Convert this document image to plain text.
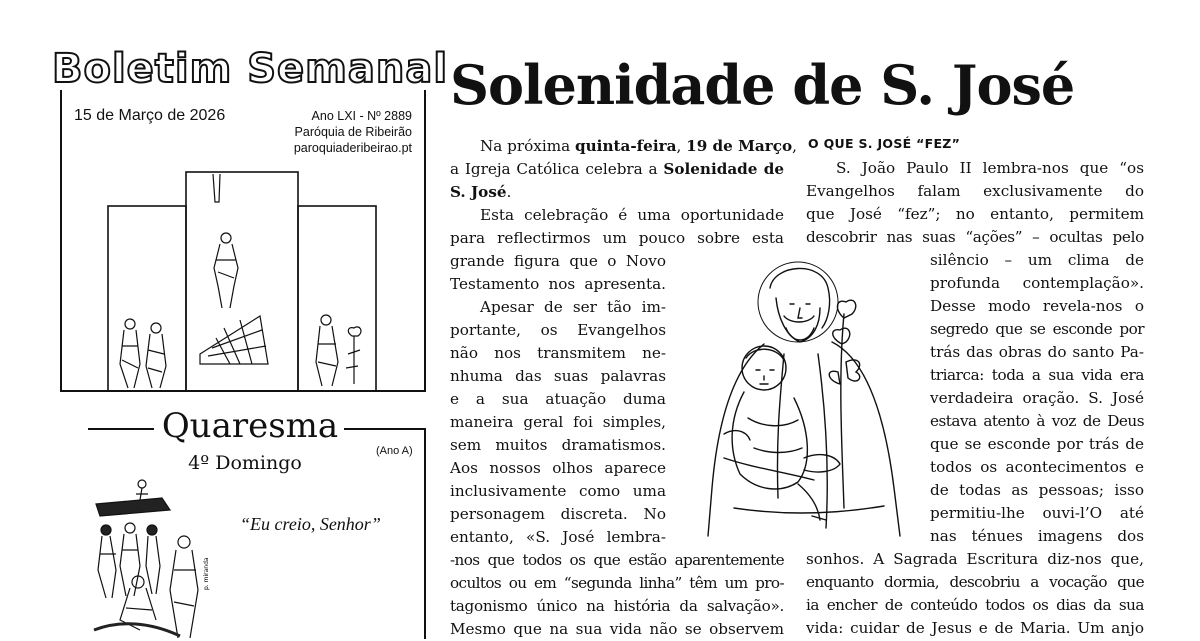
Boletim Semanal
15 de Março de 2026	Ano LXI - Nº 2889
Paróquia de Ribeirão
paroquiaderibeirao.pt
Quaresma
4º Domingo
(Ano A)
“Eu creio, Senhor”
p. miranda
Solenidade de S. José
Na próxima quinta-feira, 19 de Março,
a Igreja Católica celebra a Solenidade de
S. José.
Esta celebração é uma oportunidade
para reflectirmos um pouco sobre esta
grande figura que o Novo
Testamento nos apresenta.
Apesar de ser tão im-
portante, os Evangelhos
não nos transmitem ne-
nhuma das suas palavras
e a sua atuação duma
maneira geral foi simples,
sem muitos dramatismos.
Aos nossos olhos aparece
inclusivamente como uma
personagem discreta. No
entanto, «S. José lembra-
-nos que todos os que estão aparentemente
ocultos ou em “segunda linha” têm um pro-
tagonismo único na história da salvação».
Mesmo que na sua vida não se observem
O QUE S. JOSÉ “FEZ”
S. João Paulo II lembra-nos que “os
Evangelhos falam exclusivamente do
que José “fez”; no entanto, permitem
descobrir nas suas “ações” – ocultas pelo
silêncio – um clima de
profunda contemplação».
Desse modo revela-nos o
segredo que se esconde por
trás das obras do santo Pa-
triarca: toda a sua vida era
verdadeira oração. S. José
estava atento à voz de Deus
que se esconde por trás de
todos os acontecimentos e
de todas as pessoas; isso
permitiu-lhe ouvi-l’O até
nas ténues imagens dos
sonhos. A Sagrada Escritura diz-nos que,
enquanto dormia, descobriu a vocação que
ia encher de conteúdo todos os dias da sua
vida: cuidar de Jesus e de Maria. Um anjo
